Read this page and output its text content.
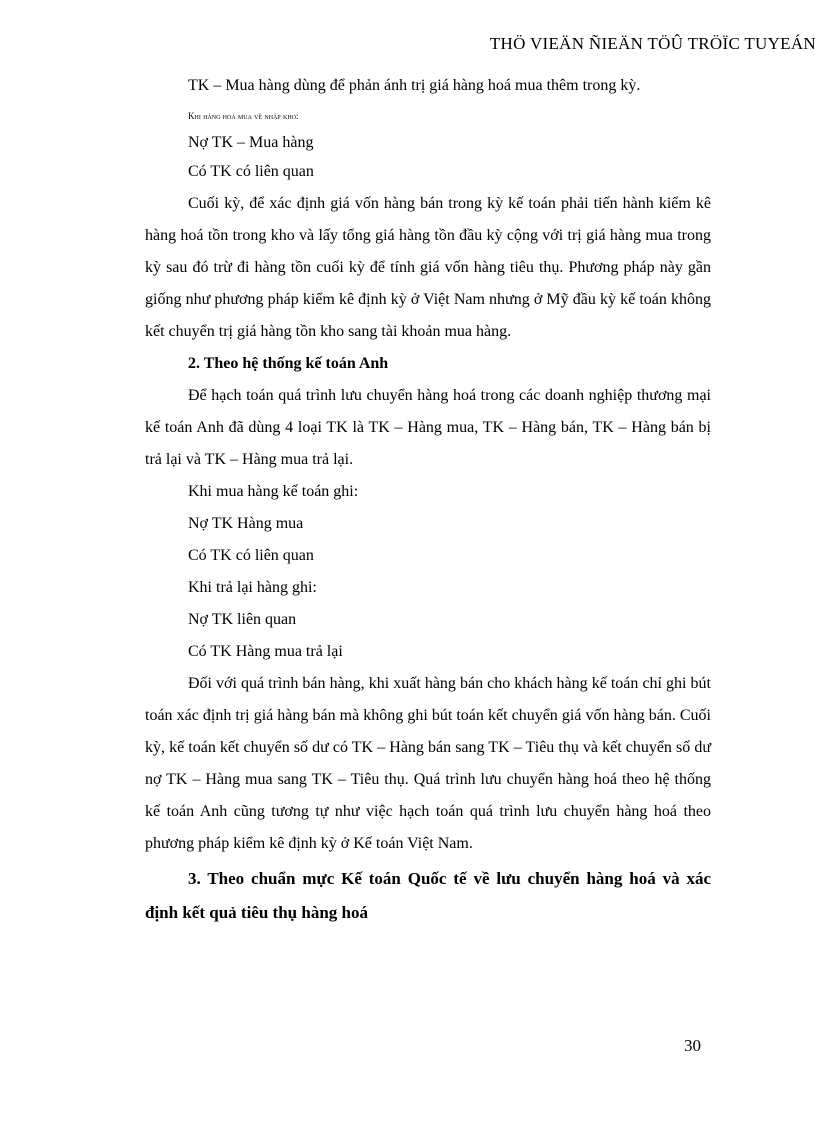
THÖ VIEÄN ÑIEÄN TÖÛ TRÖÏC TUYEÁN

TK – Mua hàng dùng để phản ánh trị giá hàng hoá mua thêm trong kỳ.

Khi hàng hoá mua về nhập kho:

Nợ TK – Mua hàng

Có TK có liên quan

Cuối kỳ, để xác định giá vốn hàng bán trong kỳ kế toán phải tiến hành kiểm kê hàng hoá tồn trong kho và lấy tổng giá hàng tồn đầu kỳ cộng với trị giá hàng mua trong kỳ sau đó trừ đi hàng tồn cuối kỳ để tính giá vốn hàng tiêu thụ. Phương pháp này gần giống như phương pháp kiểm kê định kỳ ở Việt Nam nhưng ở Mỹ đầu kỳ kế toán không kết chuyển trị giá hàng tồn kho sang tài khoản mua hàng.

2. Theo hệ thống kế toán Anh

Để hạch toán quá trình lưu chuyển hàng hoá trong các doanh nghiệp thương mại kế toán Anh đã dùng 4 loại TK là TK – Hàng mua, TK – Hàng bán, TK – Hàng bán bị trả lại và TK – Hàng mua trả lại.

Khi mua hàng kế toán ghi:

Nợ TK Hàng mua

Có TK có liên quan

Khi trả lại hàng ghi:

Nợ TK liên quan

Có TK Hàng mua trả lại

Đối với quá trình bán hàng, khi xuất hàng bán cho khách hàng kế toán chỉ ghi bút toán xác định trị giá hàng bán mà không ghi bút toán kết chuyển giá vốn hàng bán. Cuối kỳ, kế toán kết chuyển số dư có TK – Hàng bán sang TK – Tiêu thụ và kết chuyển số dư nợ TK – Hàng mua sang TK – Tiêu thụ. Quá trình lưu chuyển hàng hoá theo hệ thống kế toán Anh cũng tương tự như việc hạch toán quá trình lưu chuyển hàng hoá theo phương pháp kiểm kê định kỳ ở Kế toán Việt Nam.

3. Theo chuẩn mực Kế toán Quốc tế về lưu chuyển hàng hoá và xác định kết quả tiêu thụ hàng hoá

30
